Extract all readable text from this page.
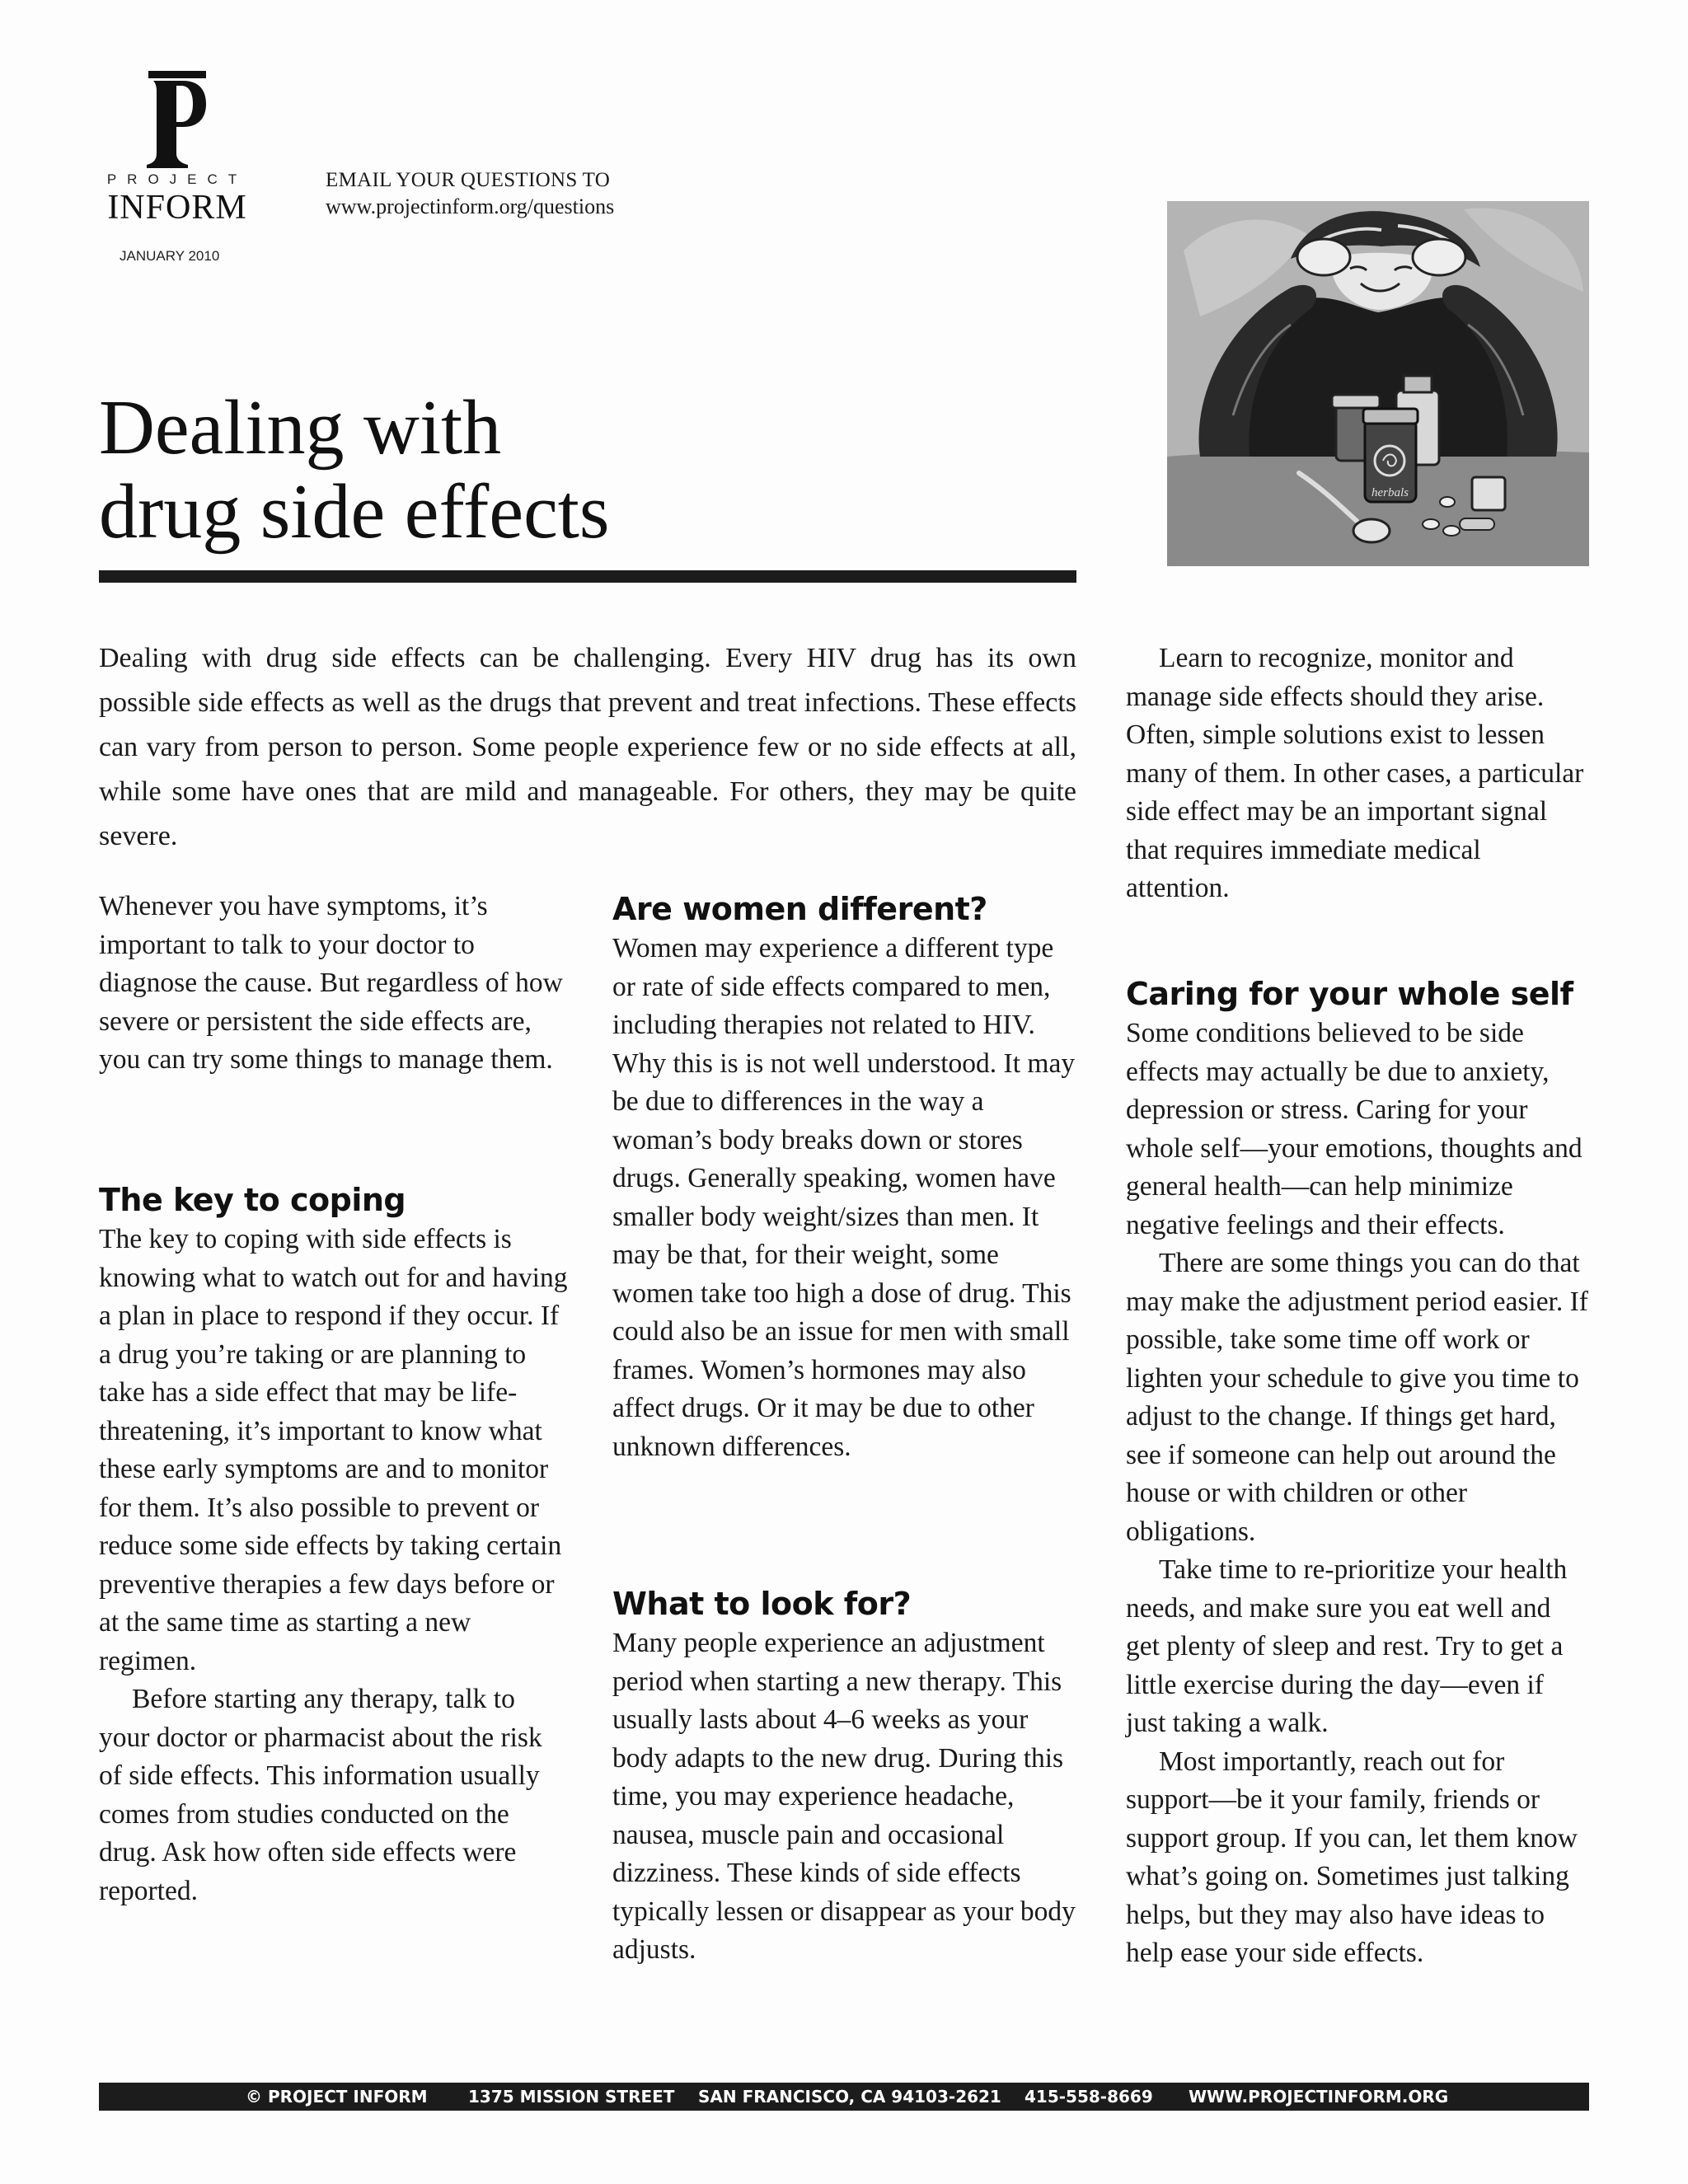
PROJECT
INFORM
JANUARY 2010
EMAIL YOUR QUESTIONS TO
www.projectinform.org/questions
herbals
Dealing with
drug side effects

Dealing with drug side effects can be challenging. Every HIV drug has its own possible side effects as well as the drugs that prevent and treat infections. These effects can vary from person to person. Some people experience few or no side effects at all, while some have ones that are mild and manageable. For others, they may be quite severe.

Whenever you have symptoms, it’s important to talk to your doctor to diagnose the cause. But regardless of how severe or persistent the side effects are, you can try some things to manage them.

The key to coping

The key to coping with side effects is knowing what to watch out for and having a plan in place to respond if they occur. If a drug you’re taking or are planning to take has a side effect that may be life-threatening, it’s important to know what these early symptoms are and to monitor for them. It’s also possible to prevent or reduce some side effects by taking certain preventive therapies a few days before or at the same time as starting a new regimen.

Before starting any therapy, talk to your doctor or pharmacist about the risk of side effects. This information usually comes from studies conducted on the drug. Ask how often side effects were reported.

Are women different?

Women may experience a different type or rate of side effects compared to men, including therapies not related to HIV. Why this is is not well understood. It may be due to differences in the way a woman’s body breaks down or stores drugs. Generally speaking, women have smaller body weight/sizes than men. It may be that, for their weight, some women take too high a dose of drug. This could also be an issue for men with small frames. Women’s hormones may also affect drugs. Or it may be due to other unknown differences.

What to look for?

Many people experience an adjustment period when starting a new therapy. This usually lasts about 4–6 weeks as your body adapts to the new drug. During this time, you may experience headache, nausea, muscle pain and occasional dizziness. These kinds of side effects typically lessen or disappear as your body adjusts.

Learn to recognize, monitor and manage side effects should they arise. Often, simple solutions exist to lessen many of them. In other cases, a particular side effect may be an important signal that requires immediate medical attention.

Caring for your whole self

Some conditions believed to be side effects may actually be due to anxiety, depression or stress. Caring for your whole self—your emotions, thoughts and general health—can help minimize negative feelings and their effects.

There are some things you can do that may make the adjustment period easier. If possible, take some time off work or lighten your schedule to give you time to adjust to the change. If things get hard, see if someone can help out around the house or with children or other obligations.

Take time to re-prioritize your health needs, and make sure you eat well and get plenty of sleep and rest. Try to get a little exercise during the day—even if just taking a walk.

Most importantly, reach out for support—be it your family, friends or support group. If you can, let them know what’s going on. Sometimes just talking helps, but they may also have ideas to help ease your side effects.

© PROJECT INFORM 1375 MISSION STREET SAN FRANCISCO, CA 94103-2621 415-558-8669 WWW.PROJECTINFORM.ORG
